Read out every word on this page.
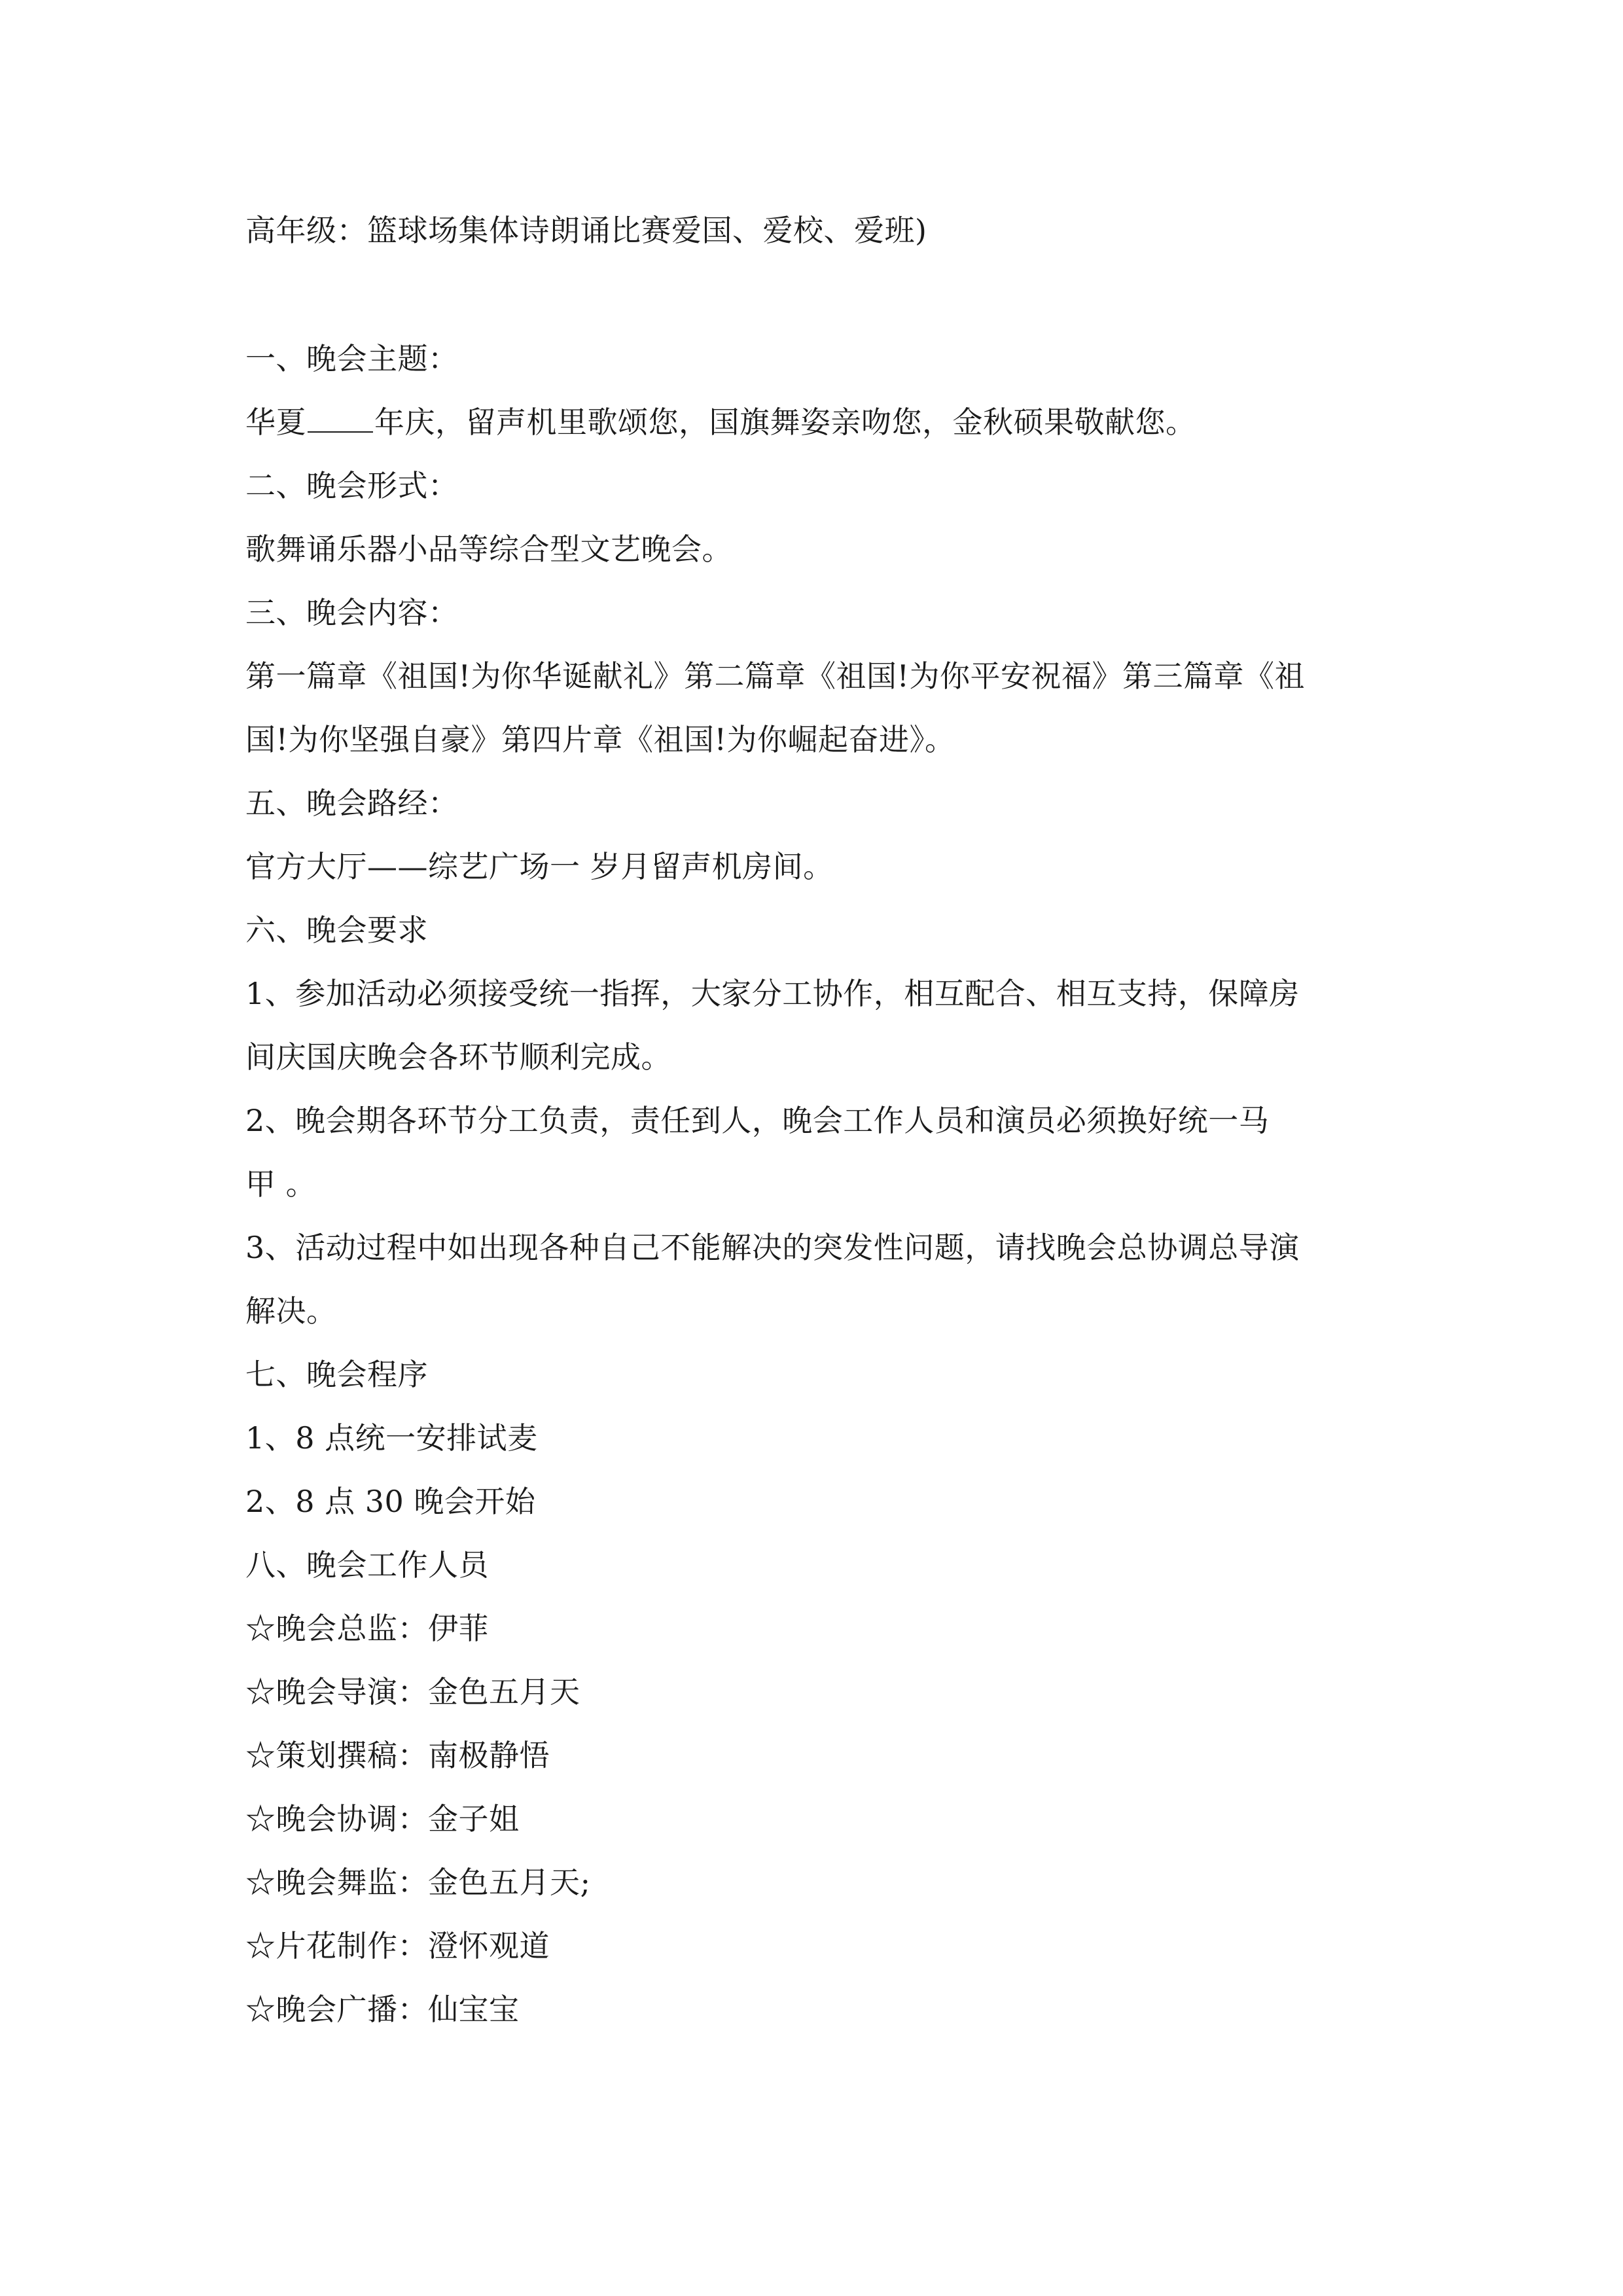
高年级：篮球场集体诗朗诵比赛爱国、爱校、爱班)
一、晚会主题：
华夏 年庆，留声机里歌颂您，国旗舞姿亲吻您，金秋硕果敬献您。
二、晚会形式：
歌舞诵乐器小品等综合型文艺晚会。
三、晚会内容：
第一篇章《祖国!为你华诞献礼》第二篇章《祖国!为你平安祝福》第三篇章《祖
国!为你坚强自豪》第四片章《祖国!为你崛起奋进》。
五、晚会路经：
官方大厅——综艺广场一 岁月留声机房间。
六、晚会要求
1、参加活动必须接受统一指挥，大家分工协作，相互配合、相互支持，保障房
间庆国庆晚会各环节顺利完成。
2、晚会期各环节分工负责，责任到人，晚会工作人员和演员必须换好统一马
甲 。
3、活动过程中如出现各种自己不能解决的突发性问题，请找晚会总协调总导演
解决。
七、晚会程序
1、8 点统一安排试麦
2、8 点 30 晚会开始
八、晚会工作人员
☆晚会总监：伊菲
☆晚会导演：金色五月天
☆策划撰稿：南极静悟
☆晚会协调：金子姐
☆晚会舞监：金色五月天;
☆片花制作：澄怀观道
☆晚会广播：仙宝宝
